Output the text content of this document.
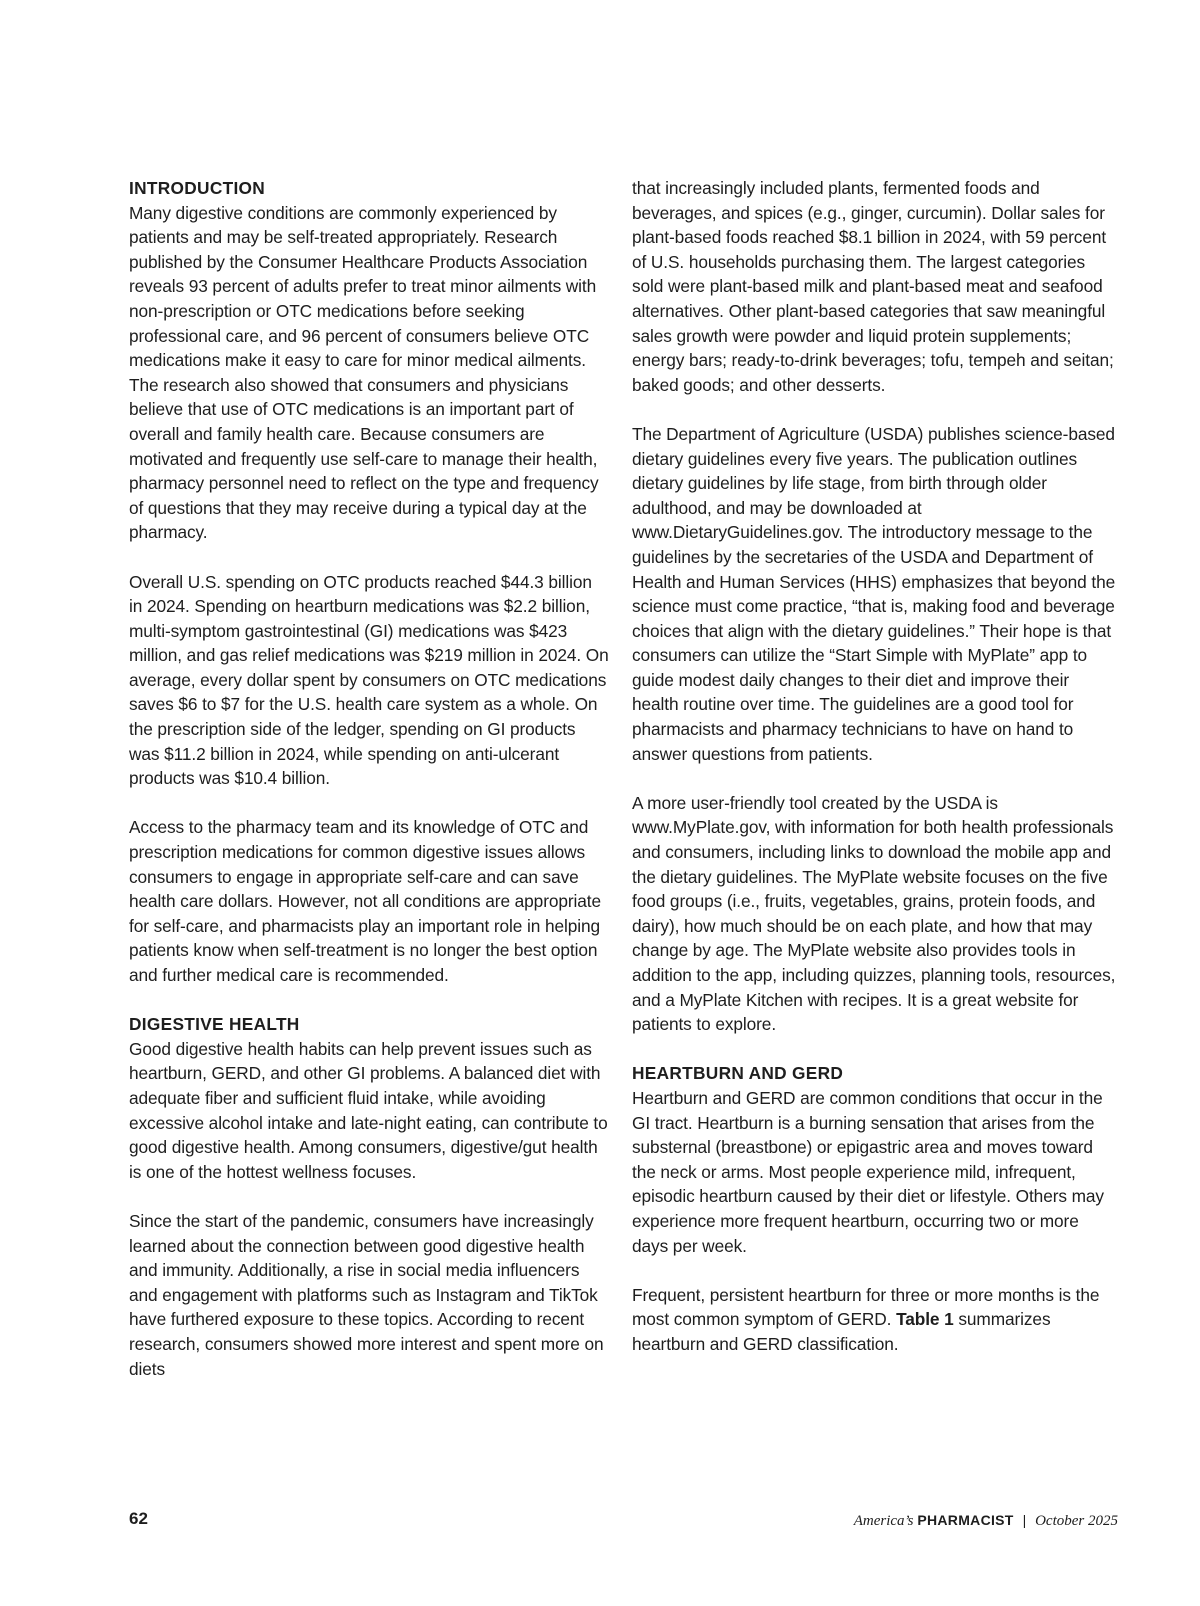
INTRODUCTION

Many digestive conditions are commonly experienced by patients and may be self-treated appropriately. Research published by the Consumer Healthcare Products Association reveals 93 percent of adults prefer to treat minor ailments with non-prescription or OTC medications before seeking professional care, and 96 percent of consumers believe OTC medications make it easy to care for minor medical ailments. The research also showed that consumers and physicians believe that use of OTC medications is an important part of overall and family health care. Because consumers are motivated and frequently use self-care to manage their health, pharmacy personnel need to reflect on the type and frequency of questions that they may receive during a typical day at the pharmacy.

Overall U.S. spending on OTC products reached $44.3 billion in 2024. Spending on heartburn medications was $2.2 billion, multi-symptom gastrointestinal (GI) medications was $423 million, and gas relief medications was $219 million in 2024. On average, every dollar spent by consumers on OTC medications saves $6 to $7 for the U.S. health care system as a whole. On the prescription side of the ledger, spending on GI products was $11.2 billion in 2024, while spending on anti-ulcerant products was $10.4 billion.

Access to the pharmacy team and its knowledge of OTC and prescription medications for common digestive issues allows consumers to engage in appropriate self-care and can save health care dollars. However, not all conditions are appropriate for self-care, and pharmacists play an important role in helping patients know when self-treatment is no longer the best option and further medical care is recommended.

DIGESTIVE HEALTH

Good digestive health habits can help prevent issues such as heartburn, GERD, and other GI problems. A balanced diet with adequate fiber and sufficient fluid intake, while avoiding excessive alcohol intake and late-night eating, can contribute to good digestive health. Among consumers, digestive/gut health is one of the hottest wellness focuses.

Since the start of the pandemic, consumers have increasingly learned about the connection between good digestive health and immunity. Additionally, a rise in social media influencers and engagement with platforms such as Instagram and TikTok have furthered exposure to these topics. According to recent research, consumers showed more interest and spent more on diets

that increasingly included plants, fermented foods and beverages, and spices (e.g., ginger, curcumin). Dollar sales for plant-based foods reached $8.1 billion in 2024, with 59 percent of U.S. households purchasing them. The largest categories sold were plant-based milk and plant-based meat and seafood alternatives. Other plant-based categories that saw meaningful sales growth were powder and liquid protein supplements; energy bars; ready-to-drink beverages; tofu, tempeh and seitan; baked goods; and other desserts.

The Department of Agriculture (USDA) publishes science-based dietary guidelines every five years. The publication outlines dietary guidelines by life stage, from birth through older adulthood, and may be downloaded at www.DietaryGuidelines.gov. The introductory message to the guidelines by the secretaries of the USDA and Department of Health and Human Services (HHS) emphasizes that beyond the science must come practice, “that is, making food and beverage choices that align with the dietary guidelines.” Their hope is that consumers can utilize the “Start Simple with MyPlate” app to guide modest daily changes to their diet and improve their health routine over time. The guidelines are a good tool for pharmacists and pharmacy technicians to have on hand to answer questions from patients.

A more user-friendly tool created by the USDA is www.MyPlate.gov, with information for both health professionals and consumers, including links to download the mobile app and the dietary guidelines. The MyPlate website focuses on the five food groups (i.e., fruits, vegetables, grains, protein foods, and dairy), how much should be on each plate, and how that may change by age. The MyPlate website also provides tools in addition to the app, including quizzes, planning tools, resources, and a MyPlate Kitchen with recipes. It is a great website for patients to explore.

HEARTBURN AND GERD

Heartburn and GERD are common conditions that occur in the GI tract. Heartburn is a burning sensation that arises from the substernal (breastbone) or epigastric area and moves toward the neck or arms. Most people experience mild, infrequent, episodic heartburn caused by their diet or lifestyle. Others may experience more frequent heartburn, occurring two or more days per week.

Frequent, persistent heartburn for three or more months is the most common symptom of GERD. Table 1 summarizes heartburn and GERD classification.

62	America’s PHARMACIST | October 2025
